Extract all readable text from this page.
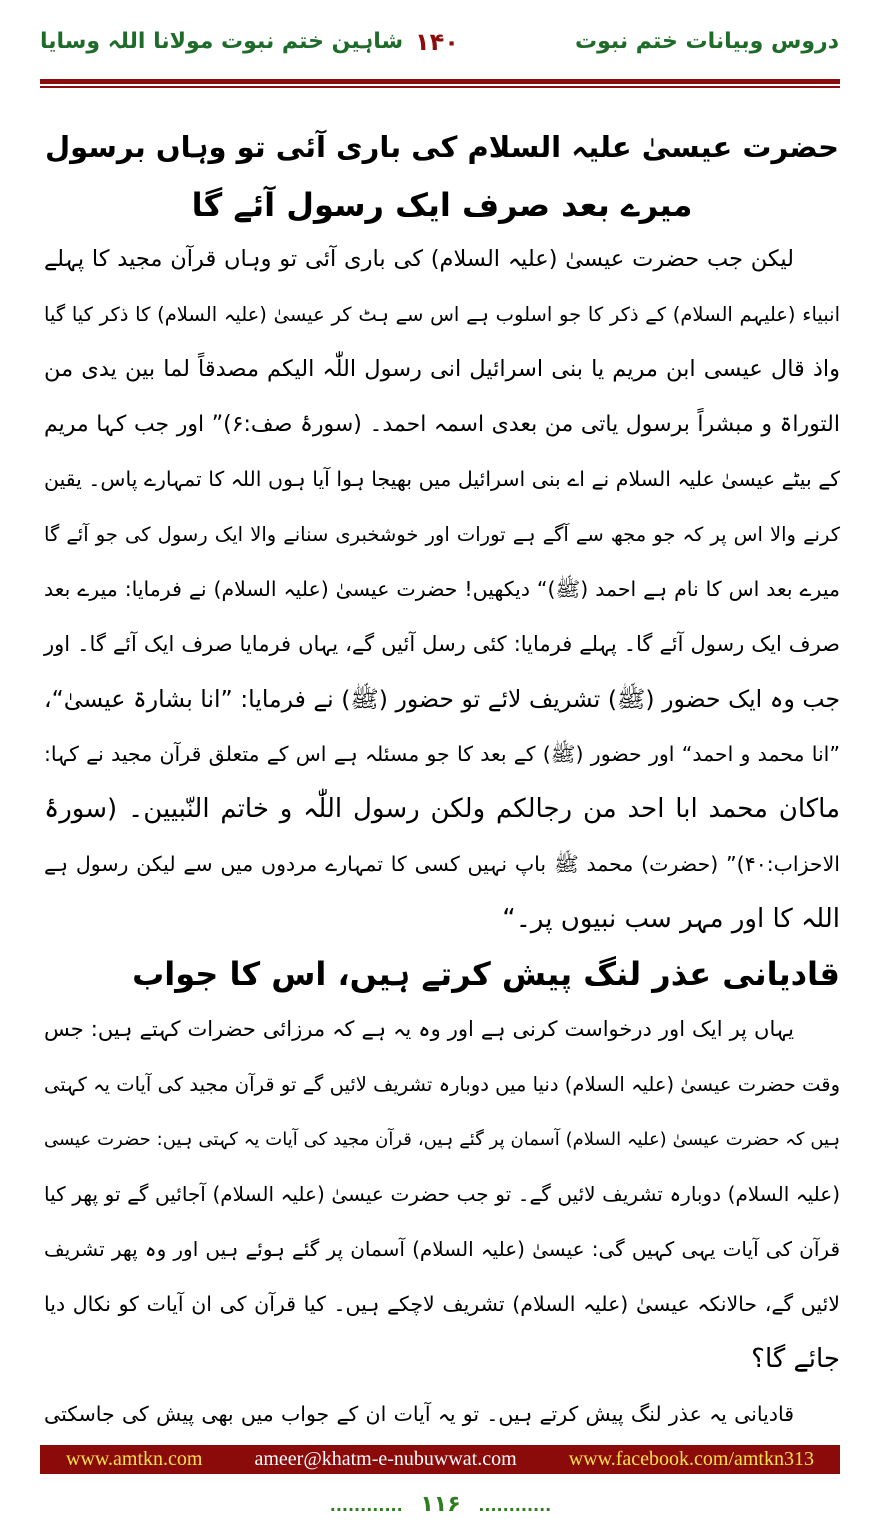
دروس وبیانات ختم نبوت
۱۴۰
شاہین ختم نبوت مولانا اللہ وسایا
حضرت عیسیٰ علیہ السلام کی باری آئی تو وہاں برسول
میرے بعد صرف ایک رسول آئے گا
لیکن جب حضرت عیسیٰ (علیہ السلام) کی باری آئی تو وہاں قرآن مجید کا پہلے
انبیاء (علیہم السلام) کے ذکر کا جو اسلوب ہے اس سے ہٹ کر عیسیٰ (علیہ السلام) کا ذکر کیا گیا
واذ قال عیسی ابن مریم یا بنی اسرائیل انی رسول اللّٰہ الیکم مصدقاً لما بین یدی من
التوراۃ و مبشراً برسول یاتی من بعدی اسمہ احمد۔ (سورۂ صف:۶)” اور جب کہا مریم
کے بیٹے عیسیٰ علیہ السلام نے اے بنی اسرائیل میں بھیجا ہوا آیا ہوں اللہ کا تمہارے پاس۔ یقین
کرنے والا اس پر کہ جو مجھ سے آگے ہے تورات اور خوشخبری سنانے والا ایک رسول کی جو آئے گا
میرے بعد اس کا نام ہے احمد (ﷺ)“ دیکھیں! حضرت عیسیٰ (علیہ السلام) نے فرمایا: میرے بعد
صرف ایک رسول آئے گا۔ پہلے فرمایا: کئی رسل آئیں گے، یہاں فرمایا صرف ایک آئے گا۔ اور
جب وہ ایک حضور (ﷺ) تشریف لائے تو حضور (ﷺ) نے فرمایا: ”انا بشارۃ عیسیٰ“،
”انا محمد و احمد“ اور حضور (ﷺ) کے بعد کا جو مسئلہ ہے اس کے متعلق قرآن مجید نے کہا:
ماکان محمد ابا احد من رجالکم ولکن رسول اللّٰہ و خاتم النّبیین۔ (سورۂ
الاحزاب:۴۰)” (حضرت) محمد ﷺ باپ نہیں کسی کا تمہارے مردوں میں سے لیکن رسول ہے
اللہ کا اور مہر سب نبیوں پر۔“
قادیانی عذر لنگ پیش کرتے ہیں، اس کا جواب
یہاں پر ایک اور درخواست کرنی ہے اور وہ یہ ہے کہ مرزائی حضرات کہتے ہیں: جس
وقت حضرت عیسیٰ (علیہ السلام) دنیا میں دوبارہ تشریف لائیں گے تو قرآن مجید کی آیات یہ کہتی
ہیں کہ حضرت عیسیٰ (علیہ السلام) آسمان پر گئے ہیں، قرآن مجید کی آیات یہ کہتی ہیں: حضرت عیسی
(علیہ السلام) دوبارہ تشریف لائیں گے۔ تو جب حضرت عیسیٰ (علیہ السلام) آجائیں گے تو پھر کیا
قرآن کی آیات یہی کہیں گی: عیسیٰ (علیہ السلام) آسمان پر گئے ہوئے ہیں اور وہ پھر تشریف
لائیں گے، حالانکہ عیسیٰ (علیہ السلام) تشریف لاچکے ہیں۔ کیا قرآن کی ان آیات کو نکال دیا
جائے گا؟
قادیانی یہ عذر لنگ پیش کرتے ہیں۔ تو یہ آیات ان کے جواب میں بھی پیش کی جاسکتی
www.amtkn.com	ameer@khatm-e-nubuwwat.com	www.facebook.com/amtkn313
............ ۱۱۶ ............
